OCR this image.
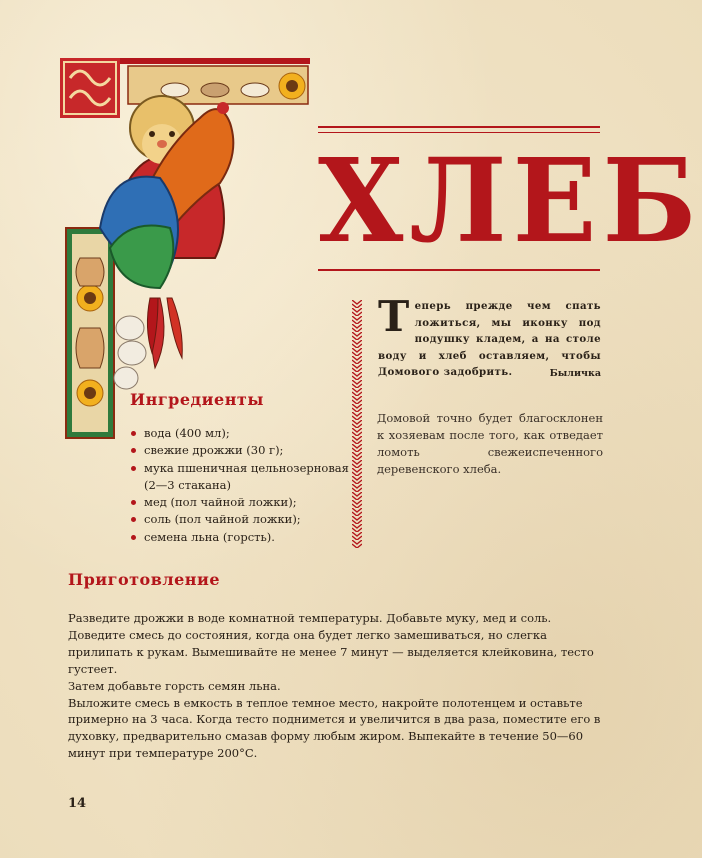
ХЛЕБ
Теперь прежде чем спать ложиться, мы иконку под подушку кладем, а на столе воду и хлеб оставляем, чтобы Домового задобрить.	Быличка
Домовой точно будет благосклонен к хозяевам после того, как отведает ломоть свежеиспеченного деревенского хлеба.
Ингредиенты
вода (400 мл);
свежие дрожжи (30 г);
мука пшеничная цельнозерновая (2—3 стакана)
мед (пол чайной ложки);
соль (пол чайной ложки);
семена льна (горсть).
Приготовление

Разведите дрожжи в воде комнатной температуры. Добавьте муку, мед и соль. Доведите смесь до состояния, когда она будет легко замешиваться, но слегка прилипать к рукам. Вымешивайте не менее 7 минут — выделяется клейковина, тесто густеет.

Затем добавьте горсть семян льна.

Выложите смесь в емкость в теплое темное место, накройте полотенцем и оставьте примерно на 3 часа. Когда тесто поднимется и увеличится в два раза, поместите его в духовку, предварительно смазав форму любым жиром. Выпекайте в течение 50—60 минут при температуре 200°С.

14
